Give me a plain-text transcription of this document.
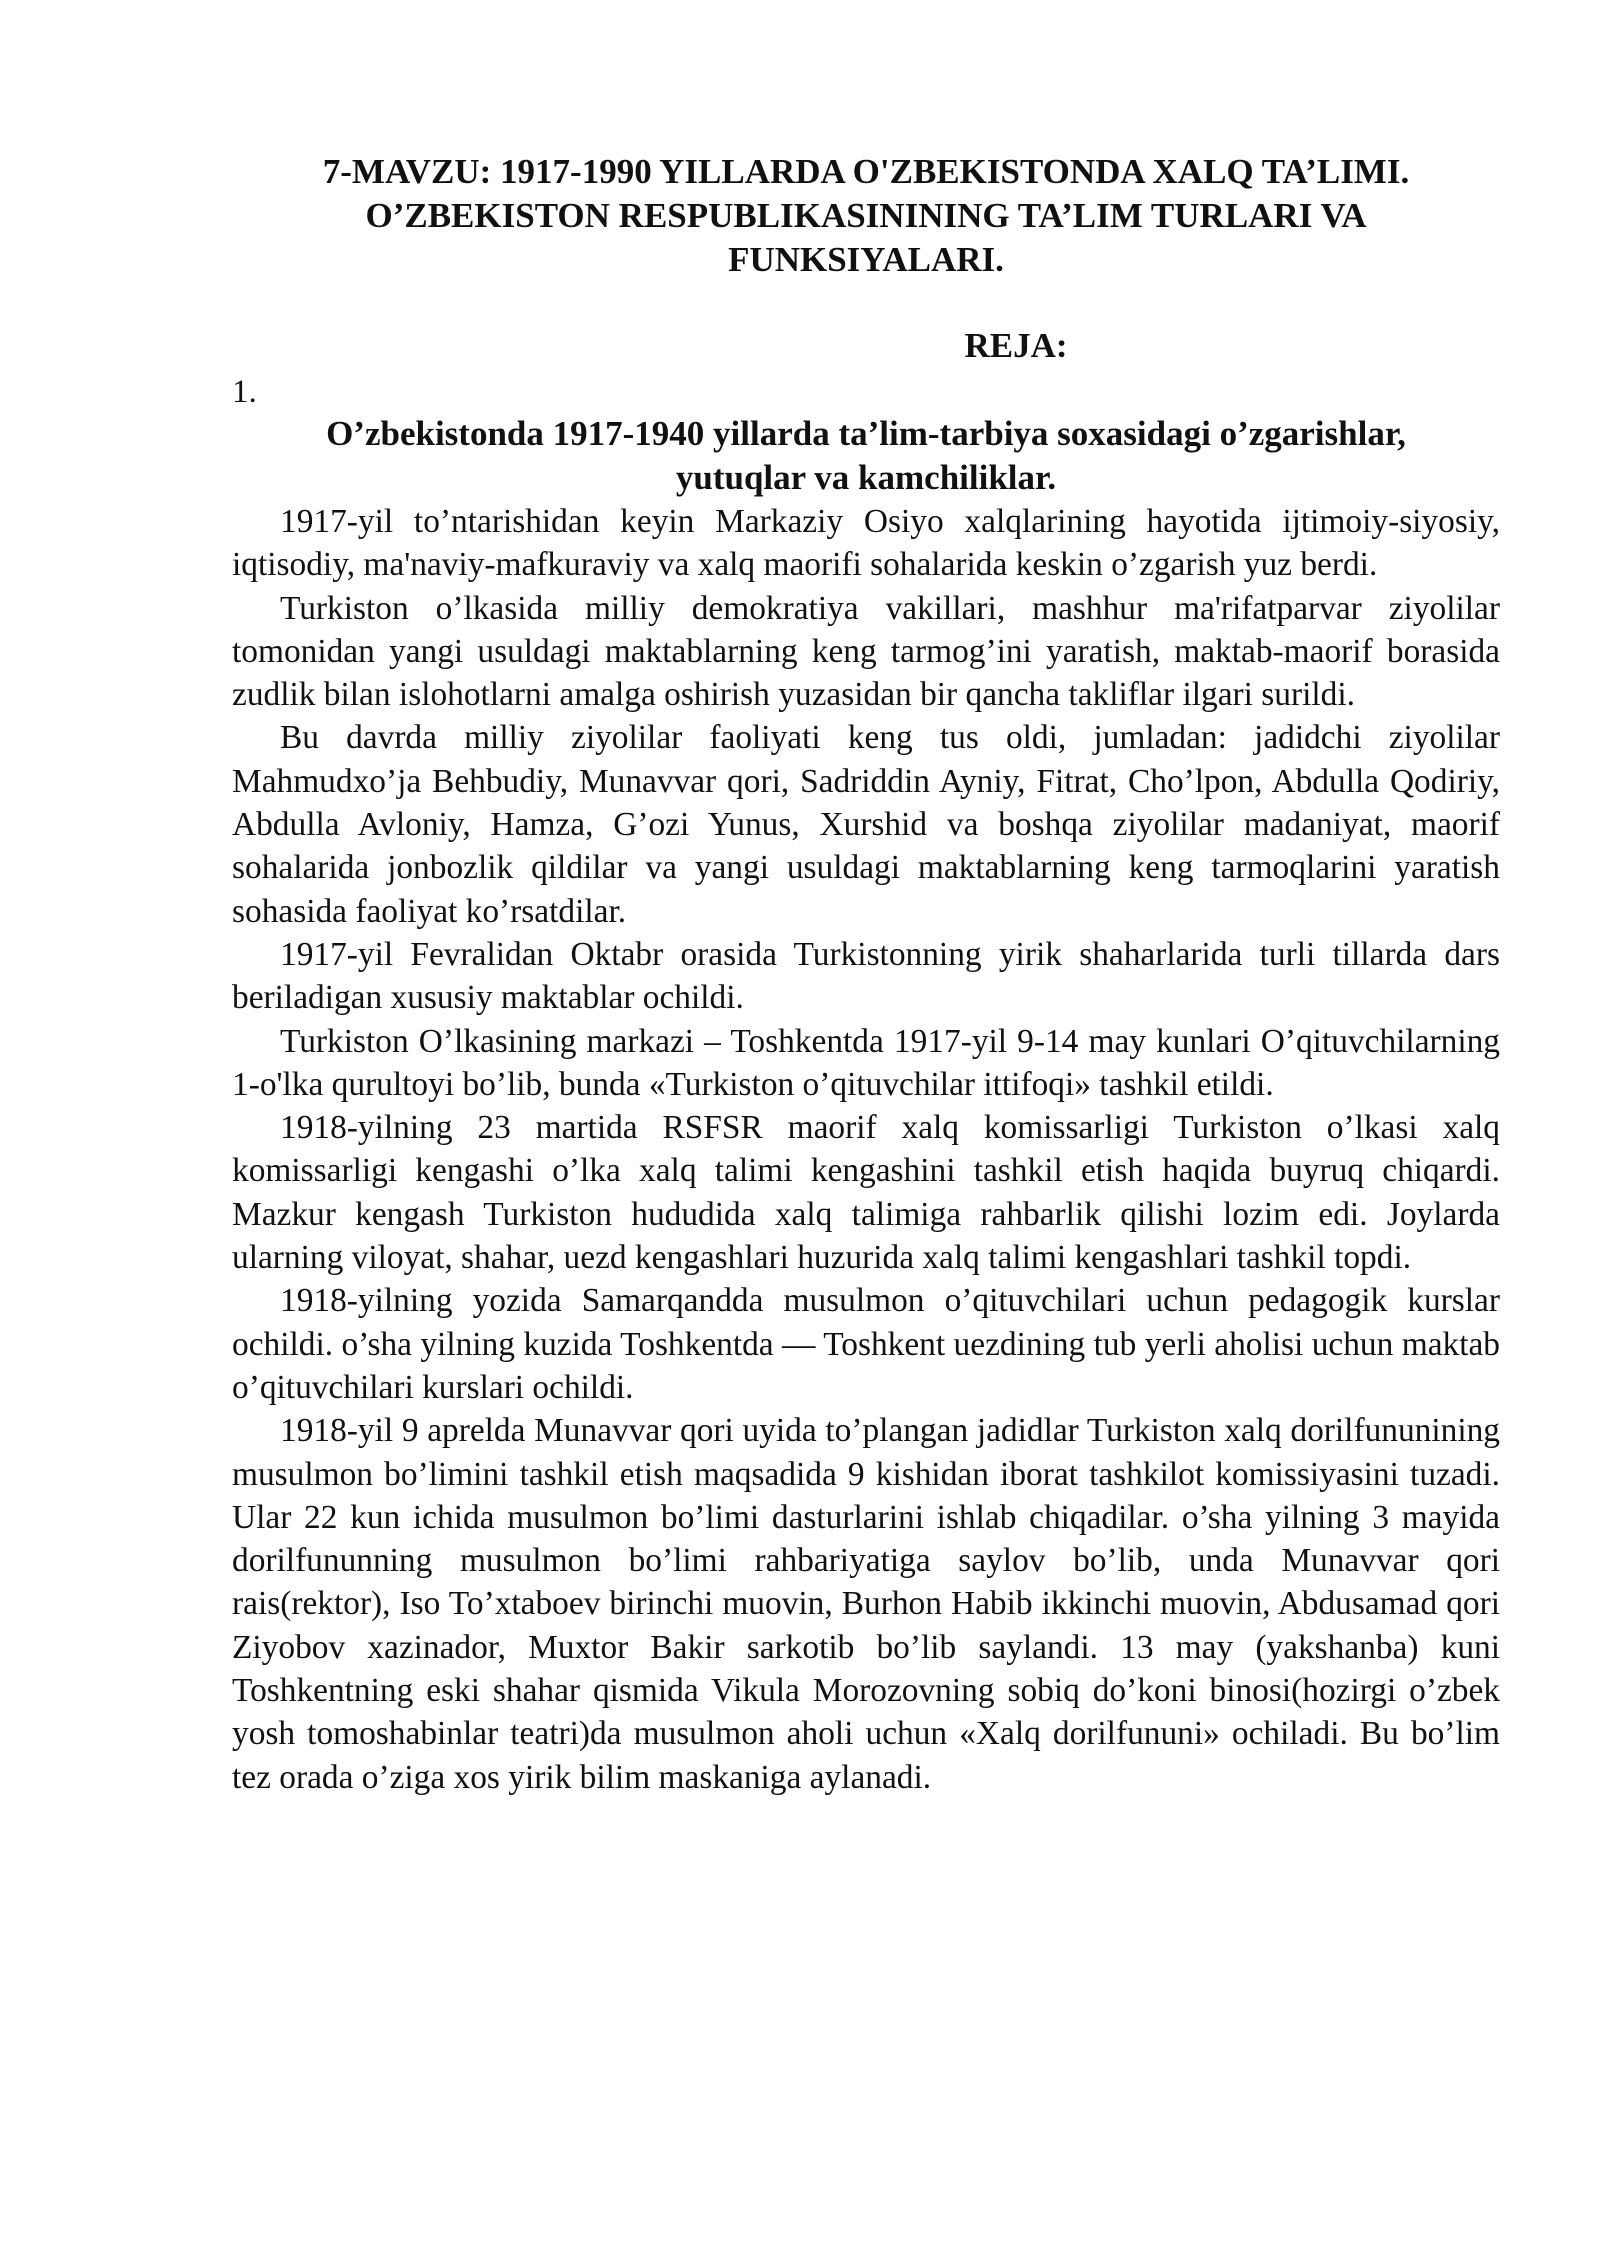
7-MAVZU: 1917-1990 YILLARDA O'ZBEKISTONDA XALQ TA’LIMI.
O’ZBEKISTON RESPUBLIKASININING TA’LIM TURLARI VA
FUNKSIYALARI.
REJA:
1.
O’zbekistonda 1917-1940 yillarda ta’lim-tarbiya soxasidagi o’zgarishlar,
yutuqlar va kamchiliklar.

1917-yil to’ntarishidan keyin Markaziy Osiyo xalqlarining hayotida ijtimoiy-siyosiy, iqtisodiy, ma'naviy-mafkuraviy va xalq maorifi sohalarida keskin o’zgarish yuz berdi.

Turkiston o’lkasida milliy demokratiya vakillari, mashhur ma'rifatparvar ziyolilar tomonidan yangi usuldagi maktablarning keng tarmog’ini yaratish, maktab-maorif borasida zudlik bilan islohotlarni amalga oshirish yuzasidan bir qancha takliflar ilgari surildi.

Bu davrda milliy ziyolilar faoliyati keng tus oldi, jumladan: jadidchi ziyolilar Mahmudxo’ja Behbudiy, Munavvar qori, Sadriddin Ayniy, Fitrat, Cho’lpon, Abdulla Qodiriy, Abdulla Avloniy, Hamza, G’ozi Yunus, Xurshid va boshqa ziyolilar madaniyat, maorif sohalarida jonbozlik qildilar va yangi usuldagi maktablarning keng tarmoqlarini yaratish sohasida faoliyat ko’rsatdilar.

1917-yil Fevralidan Oktabr orasida Turkistonning yirik shaharlarida turli tillarda dars beriladigan xususiy maktablar ochildi.

Turkiston O’lkasining markazi – Toshkentda 1917-yil 9-14 may kunlari O’qituvchilarning 1-o'lka qurultoyi bo’lib, bunda «Turkiston o’qituvchilar ittifoqi» tashkil etildi.

1918-yilning 23 martida RSFSR maorif xalq komissarligi Turkiston o’lkasi xalq komissarligi kengashi o’lka xalq talimi kengashini tashkil etish haqida buyruq chiqardi. Mazkur kengash Turkiston hududida xalq talimiga rahbarlik qilishi lozim edi. Joylarda ularning viloyat, shahar, uezd kengashlari huzurida xalq talimi kengashlari tashkil topdi.

1918-yilning yozida Samarqandda musulmon o’qituvchilari uchun pedagogik kurslar ochildi. o’sha yilning kuzida Toshkentda — Toshkent uezdining tub yerli aholisi uchun maktab o’qituvchilari kurslari ochildi.

1918-yil 9 aprelda Munavvar qori uyida to’plangan jadidlar Turkiston xalq dorilfununining musulmon bo’limini tashkil etish maqsadida 9 kishidan iborat tashkilot komissiyasini tuzadi. Ular 22 kun ichida musulmon bo’limi dasturlarini ishlab chiqadilar. o’sha yilning 3 mayida dorilfununning musulmon bo’limi rahbariyatiga saylov bo’lib, unda Munavvar qori rais(rektor), Iso To’xtaboev birinchi muovin, Burhon Habib ikkinchi muovin, Abdusamad qori Ziyobov xazinador, Muxtor Bakir sarkotib bo’lib saylandi. 13 may (yakshanba) kuni Toshkentning eski shahar qismida Vikula Morozovning sobiq do’koni binosi(hozirgi o’zbek yosh tomoshabinlar teatri)da musulmon aholi uchun «Xalq dorilfununi» ochiladi. Bu bo’lim tez orada o’ziga xos yirik bilim maskaniga aylanadi.
